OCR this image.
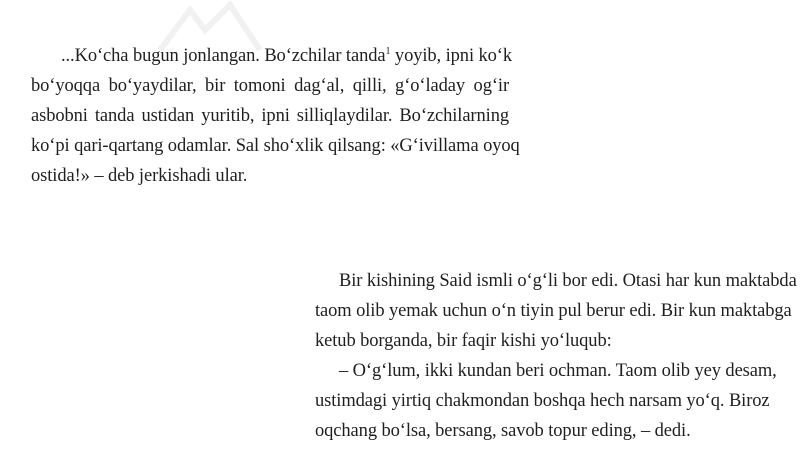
...Ko‘cha bugun jonlangan. Bo‘zchilar tanda$^1$ yoyib, ipni ko‘k
bo‘yoqqa bo‘yaydilar, bir tomoni dag‘al, qilli, g‘o‘laday og‘ir
asbobni tanda ustidan yuritib, ipni silliqlaydilar. Bo‘zchilarning
ko‘pi qari-qartang odamlar. Sal sho‘xlik qilsang: «G‘ivillama oyoq
ostida!» – deb jerkishadi ular.

Bir kishining Said ismli o‘g‘li bor edi. Otasi har kun maktabda
taom olib yemak uchun o‘n tiyin pul berur edi. Bir kun maktabga
ketub borganda, bir faqir kishi yo‘luqub:
– O‘g‘lum, ikki kundan beri ochman. Taom olib yey desam,
ustimdagi yirtiq chakmondan boshqa hech narsam yo‘q. Biroz
oqchang bo‘lsa, bersang, savob topur eding, – dedi.
